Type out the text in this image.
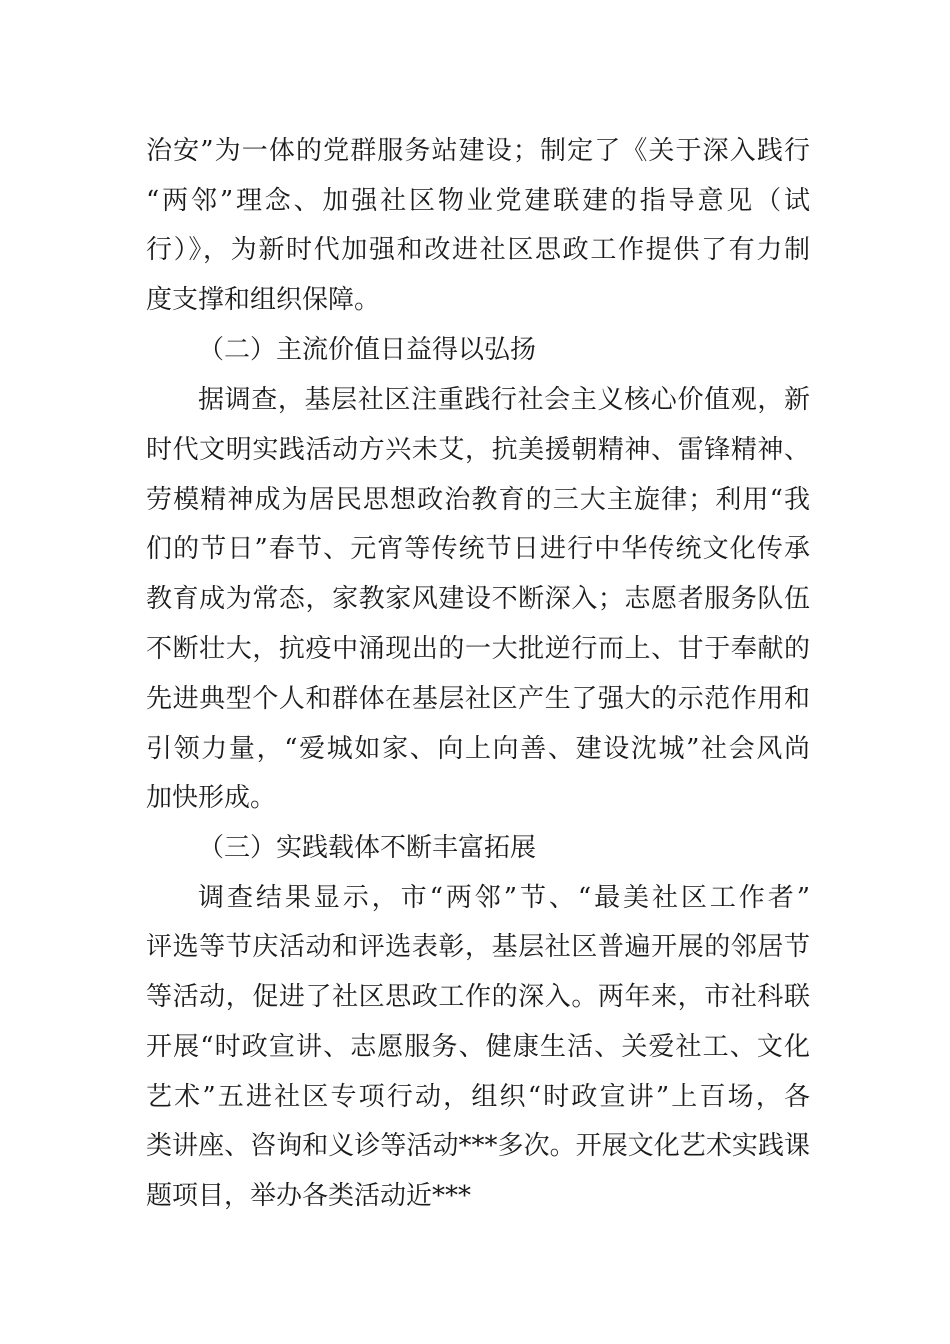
治安”为一体的党群服务站建设；制定了《关于深入践行

“两邻”理念、加强社区物业党建联建的指导意见（试

行）》，为新时代加强和改进社区思政工作提供了有力制

度支撑和组织保障。

（二）主流价值日益得以弘扬

据调查，基层社区注重践行社会主义核心价值观，新

时代文明实践活动方兴未艾，抗美援朝精神、雷锋精神、

劳模精神成为居民思想政治教育的三大主旋律；利用“我

们的节日”春节、元宵等传统节日进行中华传统文化传承

教育成为常态，家教家风建设不断深入；志愿者服务队伍

不断壮大，抗疫中涌现出的一大批逆行而上、甘于奉献的

先进典型个人和群体在基层社区产生了强大的示范作用和

引领力量，“爱城如家、向上向善、建设沈城”社会风尚

加快形成。

（三）实践载体不断丰富拓展

调查结果显示，市“两邻”节、“最美社区工作者”

评选等节庆活动和评选表彰，基层社区普遍开展的邻居节

等活动，促进了社区思政工作的深入。两年来，市社科联

开展“时政宣讲、志愿服务、健康生活、关爱社工、文化

艺术”五进社区专项行动，组织“时政宣讲”上百场，各

类讲座、咨询和义诊等活动***多次。开展文化艺术实践课

题项目，举办各类活动近***
